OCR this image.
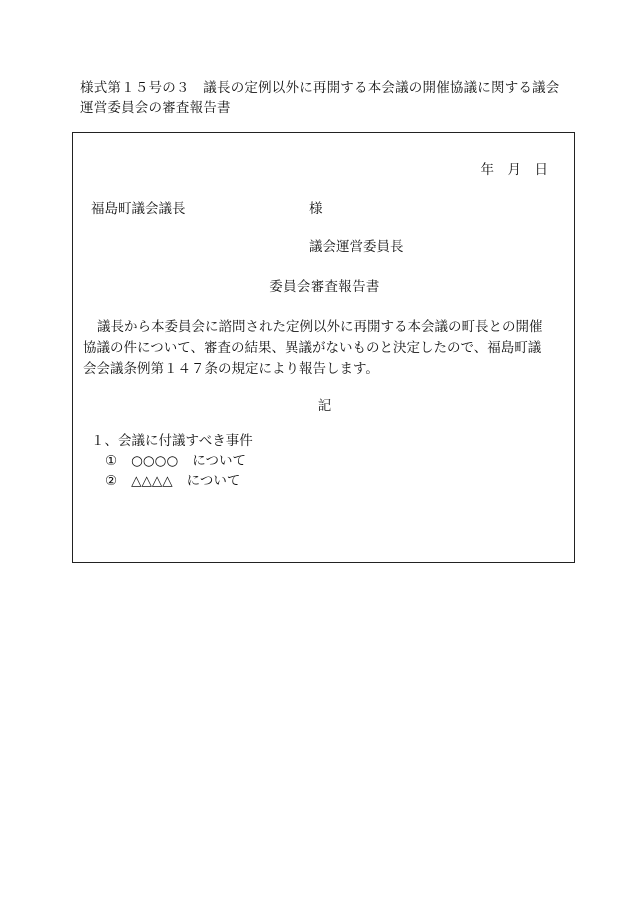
様式第１５号の３　議長の定例以外に再開する本会議の開催協議に関する議会運営委員会の審査報告書
年　月　日
福島町議会議長	様
議会運営委員長
委員会審査報告書
議長から本委員会に諮問された定例以外に再開する本会議の町長との開催協議の件について、審査の結果、異議がないものと決定したので、福島町議会会議条例第１４７条の規定により報告します。
記
１、会議に付議すべき事件
① ○○○○ について
② △△△△ について
